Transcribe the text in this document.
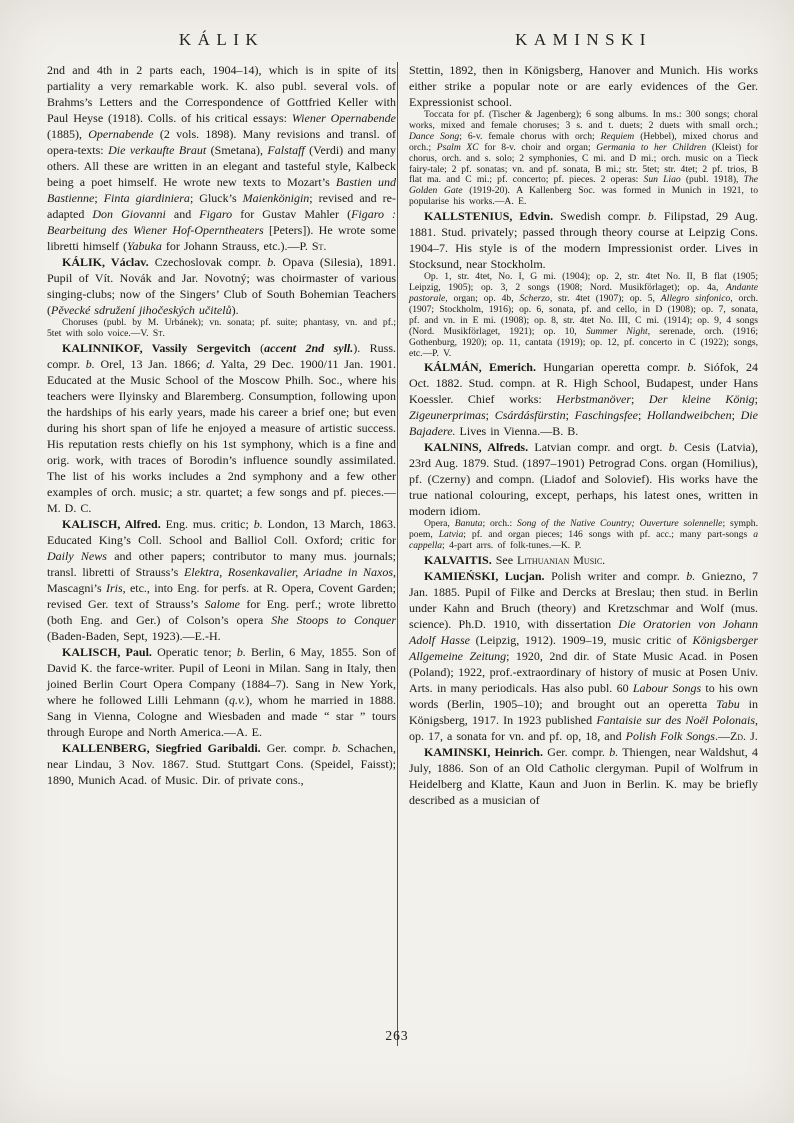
KÁLIK	KAMINSKI

2nd and 4th in 2 parts each, 1904–14), which is in spite of its partiality a very remarkable work. K. also publ. several vols. of Brahms’s Letters and the Correspondence of Gottfried Keller with Paul Heyse (1918). Colls. of his critical essays: Wiener Opernabende (1885), Opernabende (2 vols. 1898). Many revisions and transl. of opera-texts: Die verkaufte Braut (Smetana), Falstaff (Verdi) and many others. All these are written in an elegant and tasteful style, Kalbeck being a poet himself. He wrote new texts to Mozart’s Bastien und Bastienne; Finta giardiniera; Gluck’s Maienkönigin; revised and re-adapted Don Giovanni and Figaro for Gustav Mahler (Figaro : Bearbeitung des Wiener Hof-Operntheaters [Peters]). He wrote some libretti himself (Yabuka for Johann Strauss, etc.).—P. St.

KÁLIK, Václav. Czechoslovak compr. b. Opava (Silesia), 1891. Pupil of Vít. Novák and Jar. Novotný; was choirmaster of various singing-clubs; now of the Singers’ Club of South Bohemian Teachers (Pěvecké sdružení jihočeských učitelů).

Choruses (publ. by M. Urbánek); vn. sonata; pf. suite; phantasy, vn. and pf.; 5tet with solo voice.—V. St.

KALINNIKOF, Vassily Sergevitch (accent 2nd syll.). Russ. compr. b. Orel, 13 Jan. 1866; d. Yalta, 29 Dec. 1900/11 Jan. 1901. Educated at the Music School of the Moscow Philh. Soc., where his teachers were Ilyinsky and Blaremberg. Consumption, following upon the hardships of his early years, made his career a brief one; but even during his short span of life he enjoyed a measure of artistic success. His reputation rests chiefly on his 1st symphony, which is a fine and orig. work, with traces of Borodin’s influence soundly assimilated. The list of his works includes a 2nd symphony and a few other examples of orch. music; a str. quartet; a few songs and pf. pieces.—M. D. C.

KALISCH, Alfred. Eng. mus. critic; b. London, 13 March, 1863. Educated King’s Coll. School and Balliol Coll. Oxford; critic for Daily News and other papers; contributor to many mus. journals; transl. libretti of Strauss’s Elektra, Rosenkavalier, Ariadne in Naxos, Mascagni’s Iris, etc., into Eng. for perfs. at R. Opera, Covent Garden; revised Ger. text of Strauss’s Salome for Eng. perf.; wrote libretto (both Eng. and Ger.) of Colson’s opera She Stoops to Conquer (Baden-Baden, Sept, 1923).—E.-H.

KALISCH, Paul. Operatic tenor; b. Berlin, 6 May, 1855. Son of David K. the farce-writer. Pupil of Leoni in Milan. Sang in Italy, then joined Berlin Court Opera Company (1884–7). Sang in New York, where he followed Lilli Lehmann (q.v.), whom he married in 1888. Sang in Vienna, Cologne and Wiesbaden and made “ star ” tours through Europe and North America.—A. E.

KALLENBERG, Siegfried Garibaldi. Ger. compr. b. Schachen, near Lindau, 3 Nov. 1867. Stud. Stuttgart Cons. (Speidel, Faisst); 1890, Munich Acad. of Music. Dir. of private cons.,

Stettin, 1892, then in Königsberg, Hanover and Munich. His works either strike a popular note or are early evidences of the Ger. Expressionist school.

Toccata for pf. (Tischer & Jagenberg); 6 song albums. In ms.: 300 songs; choral works, mixed and female choruses; 3 s. and t. duets; 2 duets with small orch.; Dance Song; 6-v. female chorus with orch; Requiem (Hebbel), mixed chorus and orch.; Psalm XC for 8-v. choir and organ; Germania to her Children (Kleist) for chorus, orch. and s. solo; 2 symphonies, C mi. and D mi.; orch. music on a Tieck fairy-tale; 2 pf. sonatas; vn. and pf. sonata, B mi.; str. 5tet; str. 4tet; 2 pf. trios, B flat ma. and C mi.; pf. concerto; pf. pieces. 2 operas: Sun Liao (publ. 1918), The Golden Gate (1919-20). A Kallenberg Soc. was formed in Munich in 1921, to popularise his works.—A. E.

KALLSTENIUS, Edvin. Swedish compr. b. Filipstad, 29 Aug. 1881. Stud. privately; passed through theory course at Leipzig Cons. 1904–7. His style is of the modern Impressionist order. Lives in Stocksund, near Stockholm.

Op. 1, str. 4tet, No. I, G mi. (1904); op. 2, str. 4tet No. II, B flat (1905; Leipzig, 1905); op. 3, 2 songs (1908; Nord. Musikförlaget); op. 4a, Andante pastorale, organ; op. 4b, Scherzo, str. 4tet (1907); op. 5, Allegro sinfonico, orch. (1907; Stockholm, 1916); op. 6, sonata, pf. and cello, in D (1908); op. 7, sonata, pf. and vn. in E mi. (1908); op. 8, str. 4tet No. III, C mi. (1914); op. 9, 4 songs (Nord. Musikförlaget, 1921); op. 10, Summer Night, serenade, orch. (1916; Gothenburg, 1920); op. 11, cantata (1919); op. 12, pf. concerto in C (1922); songs, etc.—P. V.

KÁLMÁN, Emerich. Hungarian operetta compr. b. Siófok, 24 Oct. 1882. Stud. compn. at R. High School, Budapest, under Hans Koessler. Chief works: Herbstmanöver; Der kleine König; Zigeunerprimas; Csárdásfürstin; Faschingsfee; Hollandweibchen; Die Bajadere. Lives in Vienna.—B. B.

KALNINS, Alfreds. Latvian compr. and orgt. b. Cesis (Latvia), 23rd Aug. 1879. Stud. (1897–1901) Petrograd Cons. organ (Homilius), pf. (Czerny) and compn. (Liadof and Solovief). His works have the true national colouring, except, perhaps, his latest ones, written in modern idiom.

Opera, Banuta; orch.: Song of the Native Country; Ouverture solennelle; symph. poem, Latvia; pf. and organ pieces; 146 songs with pf. acc.; many part-songs a cappella; 4-part arrs. of folk-tunes.—K. P.

KALVAITIS. See Lithuanian Music.

KAMIEŃSKI, Lucjan. Polish writer and compr. b. Gniezno, 7 Jan. 1885. Pupil of Filke and Dercks at Breslau; then stud. in Berlin under Kahn and Bruch (theory) and Kretzschmar and Wolf (mus. science). Ph.D. 1910, with dissertation Die Oratorien von Johann Adolf Hasse (Leipzig, 1912). 1909–19, music critic of Königsberger Allgemeine Zeitung; 1920, 2nd dir. of State Music Acad. in Posen (Poland); 1922, prof.-extraordinary of history of music at Posen Univ. Arts. in many periodicals. Has also publ. 60 Labour Songs to his own words (Berlin, 1905–10); and brought out an operetta Tabu in Königsberg, 1917. In 1923 published Fantaisie sur des Noël Polonais, op. 17, a sonata for vn. and pf. op, 18, and Polish Folk Songs.—Zd. J.

KAMINSKI, Heinrich. Ger. compr. b. Thiengen, near Waldshut, 4 July, 1886. Son of an Old Catholic clergyman. Pupil of Wolfrum in Heidelberg and Klatte, Kaun and Juon in Berlin. K. may be briefly described as a musician of

263
